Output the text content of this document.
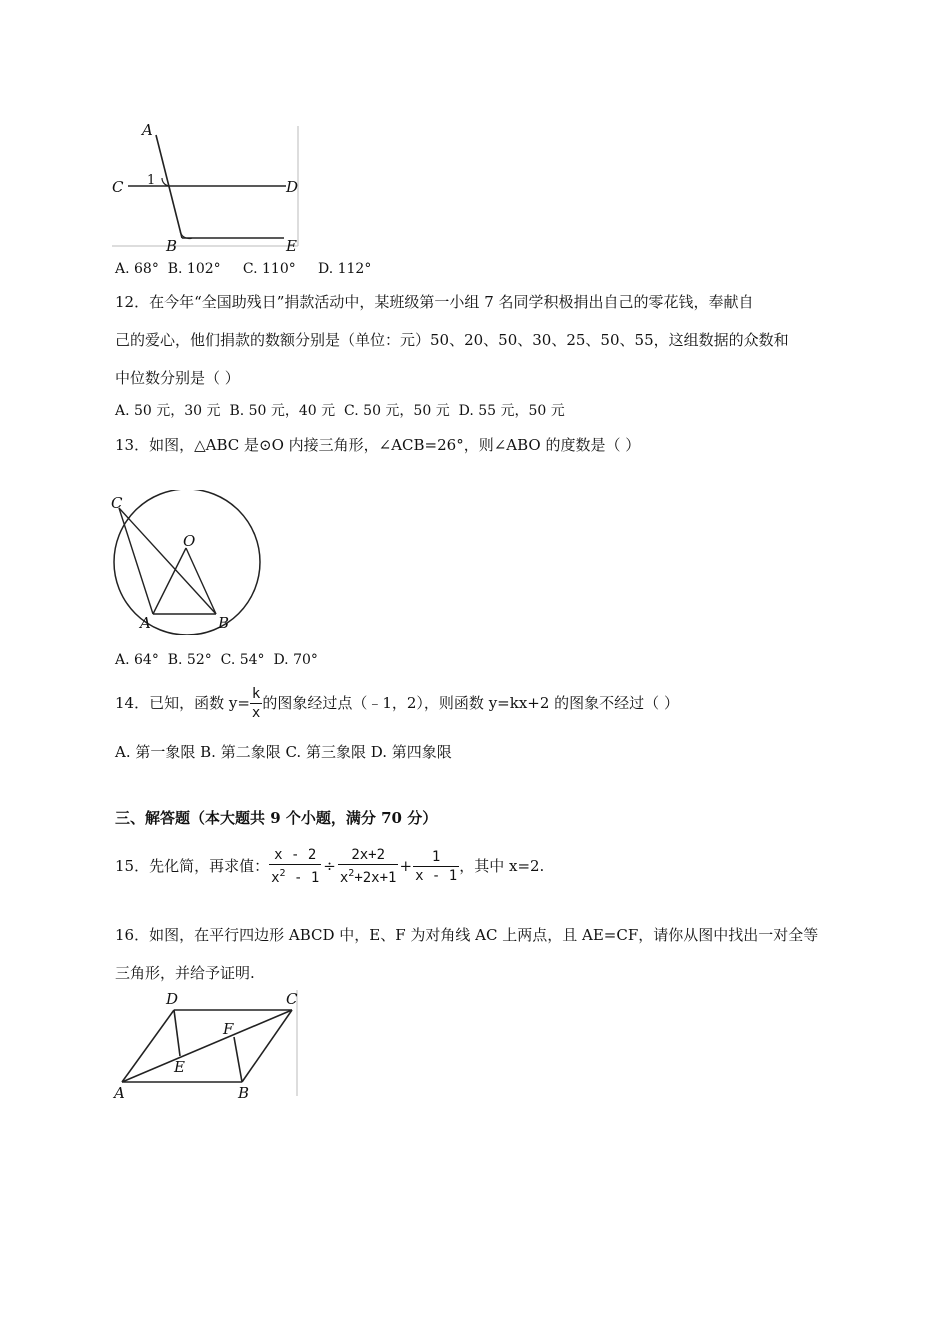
A
C 1	D
B	E
A. 68°  B. 102°     C. 110°     D. 112°
12．在今年“全国助残日”捐款活动中，某班级第一小组 7 名同学积极捐出自己的零花钱，奉献自
己的爱心，他们捐款的数额分别是（单位：元）50、20、50、30、25、50、55，这组数据的众数和
中位数分别是（ ）
A. 50 元，30 元  B. 50 元，40 元  C. 50 元，50 元  D. 55 元，50 元
13．如图，△ABC 是⊙O 内接三角形，∠ACB=26°，则∠ABO 的度数是（ ）
C
O
A	B
A. 64°  B. 52°  C. 54°  D. 70°
14．已知，函数 $y= \frac{k}{x}$ 的图象经过点（﹣1，2），则函数 y=kx+2 的图象不经过（ ）
A. 第一象限 B. 第二象限 C. 第三象限 D. 第四象限
三、解答题（本大题共 9 个小题，满分 70 分）
15．先化简，再求值： $\frac{x - 2}{x^2 - 1} \div \frac{2x+2}{x^2+2x+1} + \frac{1}{x - 1}$ ，其中 x=2.
16．如图，在平行四边形 ABCD 中，E、F 为对角线 AC 上两点，且 AE=CF，请你从图中找出一对全等
三角形，并给予证明.
D	C
F
E
A	B
